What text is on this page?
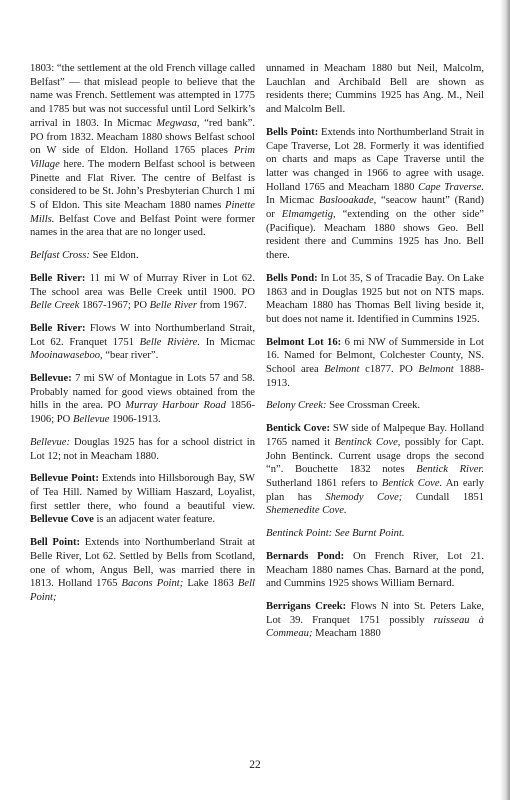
1803: “the settlement at the old French village called Belfast” — that mislead people to believe that the name was French. Settlement was attempted in 1775 and 1785 but was not successful until Lord Selkirk’s arrival in 1803. In Micmac Megwasa, “red bank”. PO from 1832. Meacham 1880 shows Belfast school on W side of Eldon. Holland 1765 places Prim Village here. The modern Belfast school is between Pinette and Flat River. The centre of Belfast is considered to be St. John’s Presbyterian Church 1 mi S of Eldon. This site Meacham 1880 names Pinette Mills. Belfast Cove and Belfast Point were former names in the area that are no longer used.

Belfast Cross: See Eldon.

Belle River: 11 mi W of Murray River in Lot 62. The school area was Belle Creek until 1900. PO Belle Creek 1867-1967; PO Belle River from 1967.

Belle River: Flows W into Northumberland Strait, Lot 62. Franquet 1751 Belle Rivière. In Micmac Mooinawaseboo, “bear river”.

Bellevue: 7 mi SW of Montague in Lots 57 and 58. Probably named for good views obtained from the hills in the area. PO Murray Harbour Road 1856-1906; PO Bellevue 1906-1913.

Bellevue: Douglas 1925 has for a school district in Lot 12; not in Meacham 1880.

Bellevue Point: Extends into Hillsborough Bay, SW of Tea Hill. Named by William Haszard, Loyalist, first settler there, who found a beautiful view. Bellevue Cove is an adjacent water feature.

Bell Point: Extends into Northumberland Strait at Belle River, Lot 62. Settled by Bells from Scotland, one of whom, Angus Bell, was married there in 1813. Holland 1765 Bacons Point; Lake 1863 Bell Point;

unnamed in Meacham 1880 but Neil, Malcolm, Lauchlan and Archibald Bell are shown as residents there; Cummins 1925 has Ang. M., Neil and Malcolm Bell.

Bells Point: Extends into Northumberland Strait in Cape Traverse, Lot 28. Formerly it was identified on charts and maps as Cape Traverse until the latter was changed in 1966 to agree with usage. Holland 1765 and Meacham 1880 Cape Traverse. In Micmac Baslooakade, “seacow haunt” (Rand) or Elmamgetig, “extending on the other side” (Pacifique). Meacham 1880 shows Geo. Bell resident there and Cummins 1925 has Jno. Bell there.

Bells Pond: In Lot 35, S of Tracadie Bay. On Lake 1863 and in Douglas 1925 but not on NTS maps. Meacham 1880 has Thomas Bell living beside it, but does not name it. Identified in Cummins 1925.

Belmont Lot 16: 6 mi NW of Summerside in Lot 16. Named for Belmont, Colchester County, NS. School area Belmont c1877. PO Belmont 1888-1913.

Belony Creek: See Crossman Creek.

Bentick Cove: SW side of Malpeque Bay. Holland 1765 named it Bentinck Cove, possibly for Capt. John Bentinck. Current usage drops the second “n”. Bouchette 1832 notes Bentick River. Sutherland 1861 refers to Bentick Cove. An early plan has Shemody Cove; Cundall 1851 Shemenedite Cove.

Bentinck Point: See Burnt Point.

Bernards Pond: On French River, Lot 21. Meacham 1880 names Chas. Barnard at the pond, and Cummins 1925 shows William Bernard.

Berrigans Creek: Flows N into St. Peters Lake, Lot 39. Franquet 1751 possibly ruisseau à Commeau; Meacham 1880

22
